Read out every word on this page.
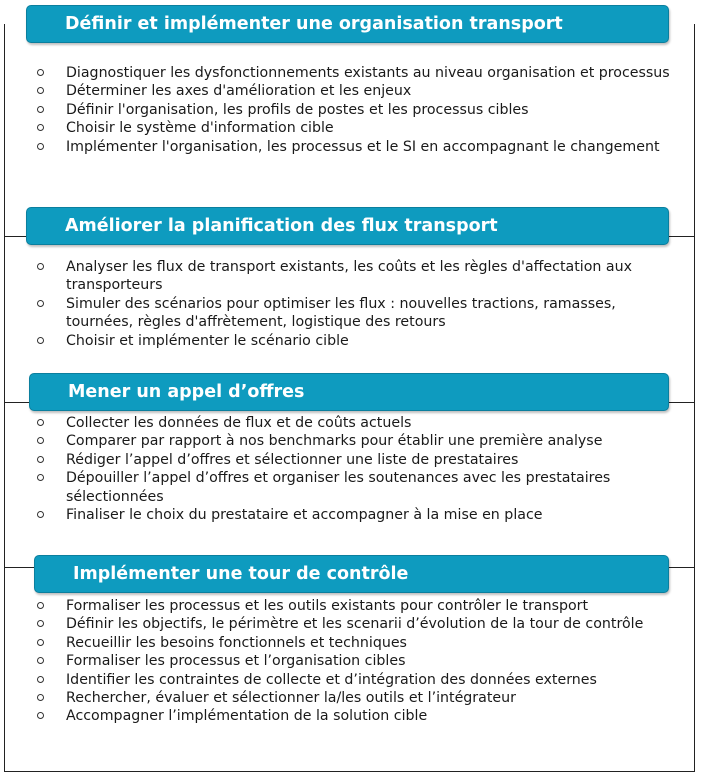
Définir et implémenter une organisation transport
Diagnostiquer les dysfonctionnements existants au niveau organisation et processus
Déterminer les axes d'amélioration et les enjeux
Définir l'organisation, les profils de postes et les processus cibles
Choisir le système d'information cible
Implémenter l'organisation, les processus et le SI en accompagnant le changement
Améliorer la planification des flux transport
Analyser les flux de transport existants, les coûts et les règles d'affectation aux transporteurs
Simuler des scénarios pour optimiser les flux : nouvelles tractions, ramasses, tournées, règles d'affrètement, logistique des retours
Choisir et implémenter le scénario cible
Mener un appel d’offres
Collecter les données de flux et de coûts actuels
Comparer par rapport à nos benchmarks pour établir une première analyse
Rédiger l’appel d’offres et sélectionner une liste de prestataires
Dépouiller l’appel d’offres et organiser les soutenances avec les prestataires sélectionnées
Finaliser le choix du prestataire et accompagner à la mise en place
Implémenter une tour de contrôle
Formaliser les processus et les outils existants pour contrôler le transport
Définir les objectifs, le périmètre et les scenarii d’évolution de la tour de contrôle
Recueillir les besoins fonctionnels et techniques
Formaliser les processus et l’organisation cibles
Identifier les contraintes de collecte et d’intégration des données externes
Rechercher, évaluer et sélectionner la/les outils et l’intégrateur
Accompagner l’implémentation de la solution cible
